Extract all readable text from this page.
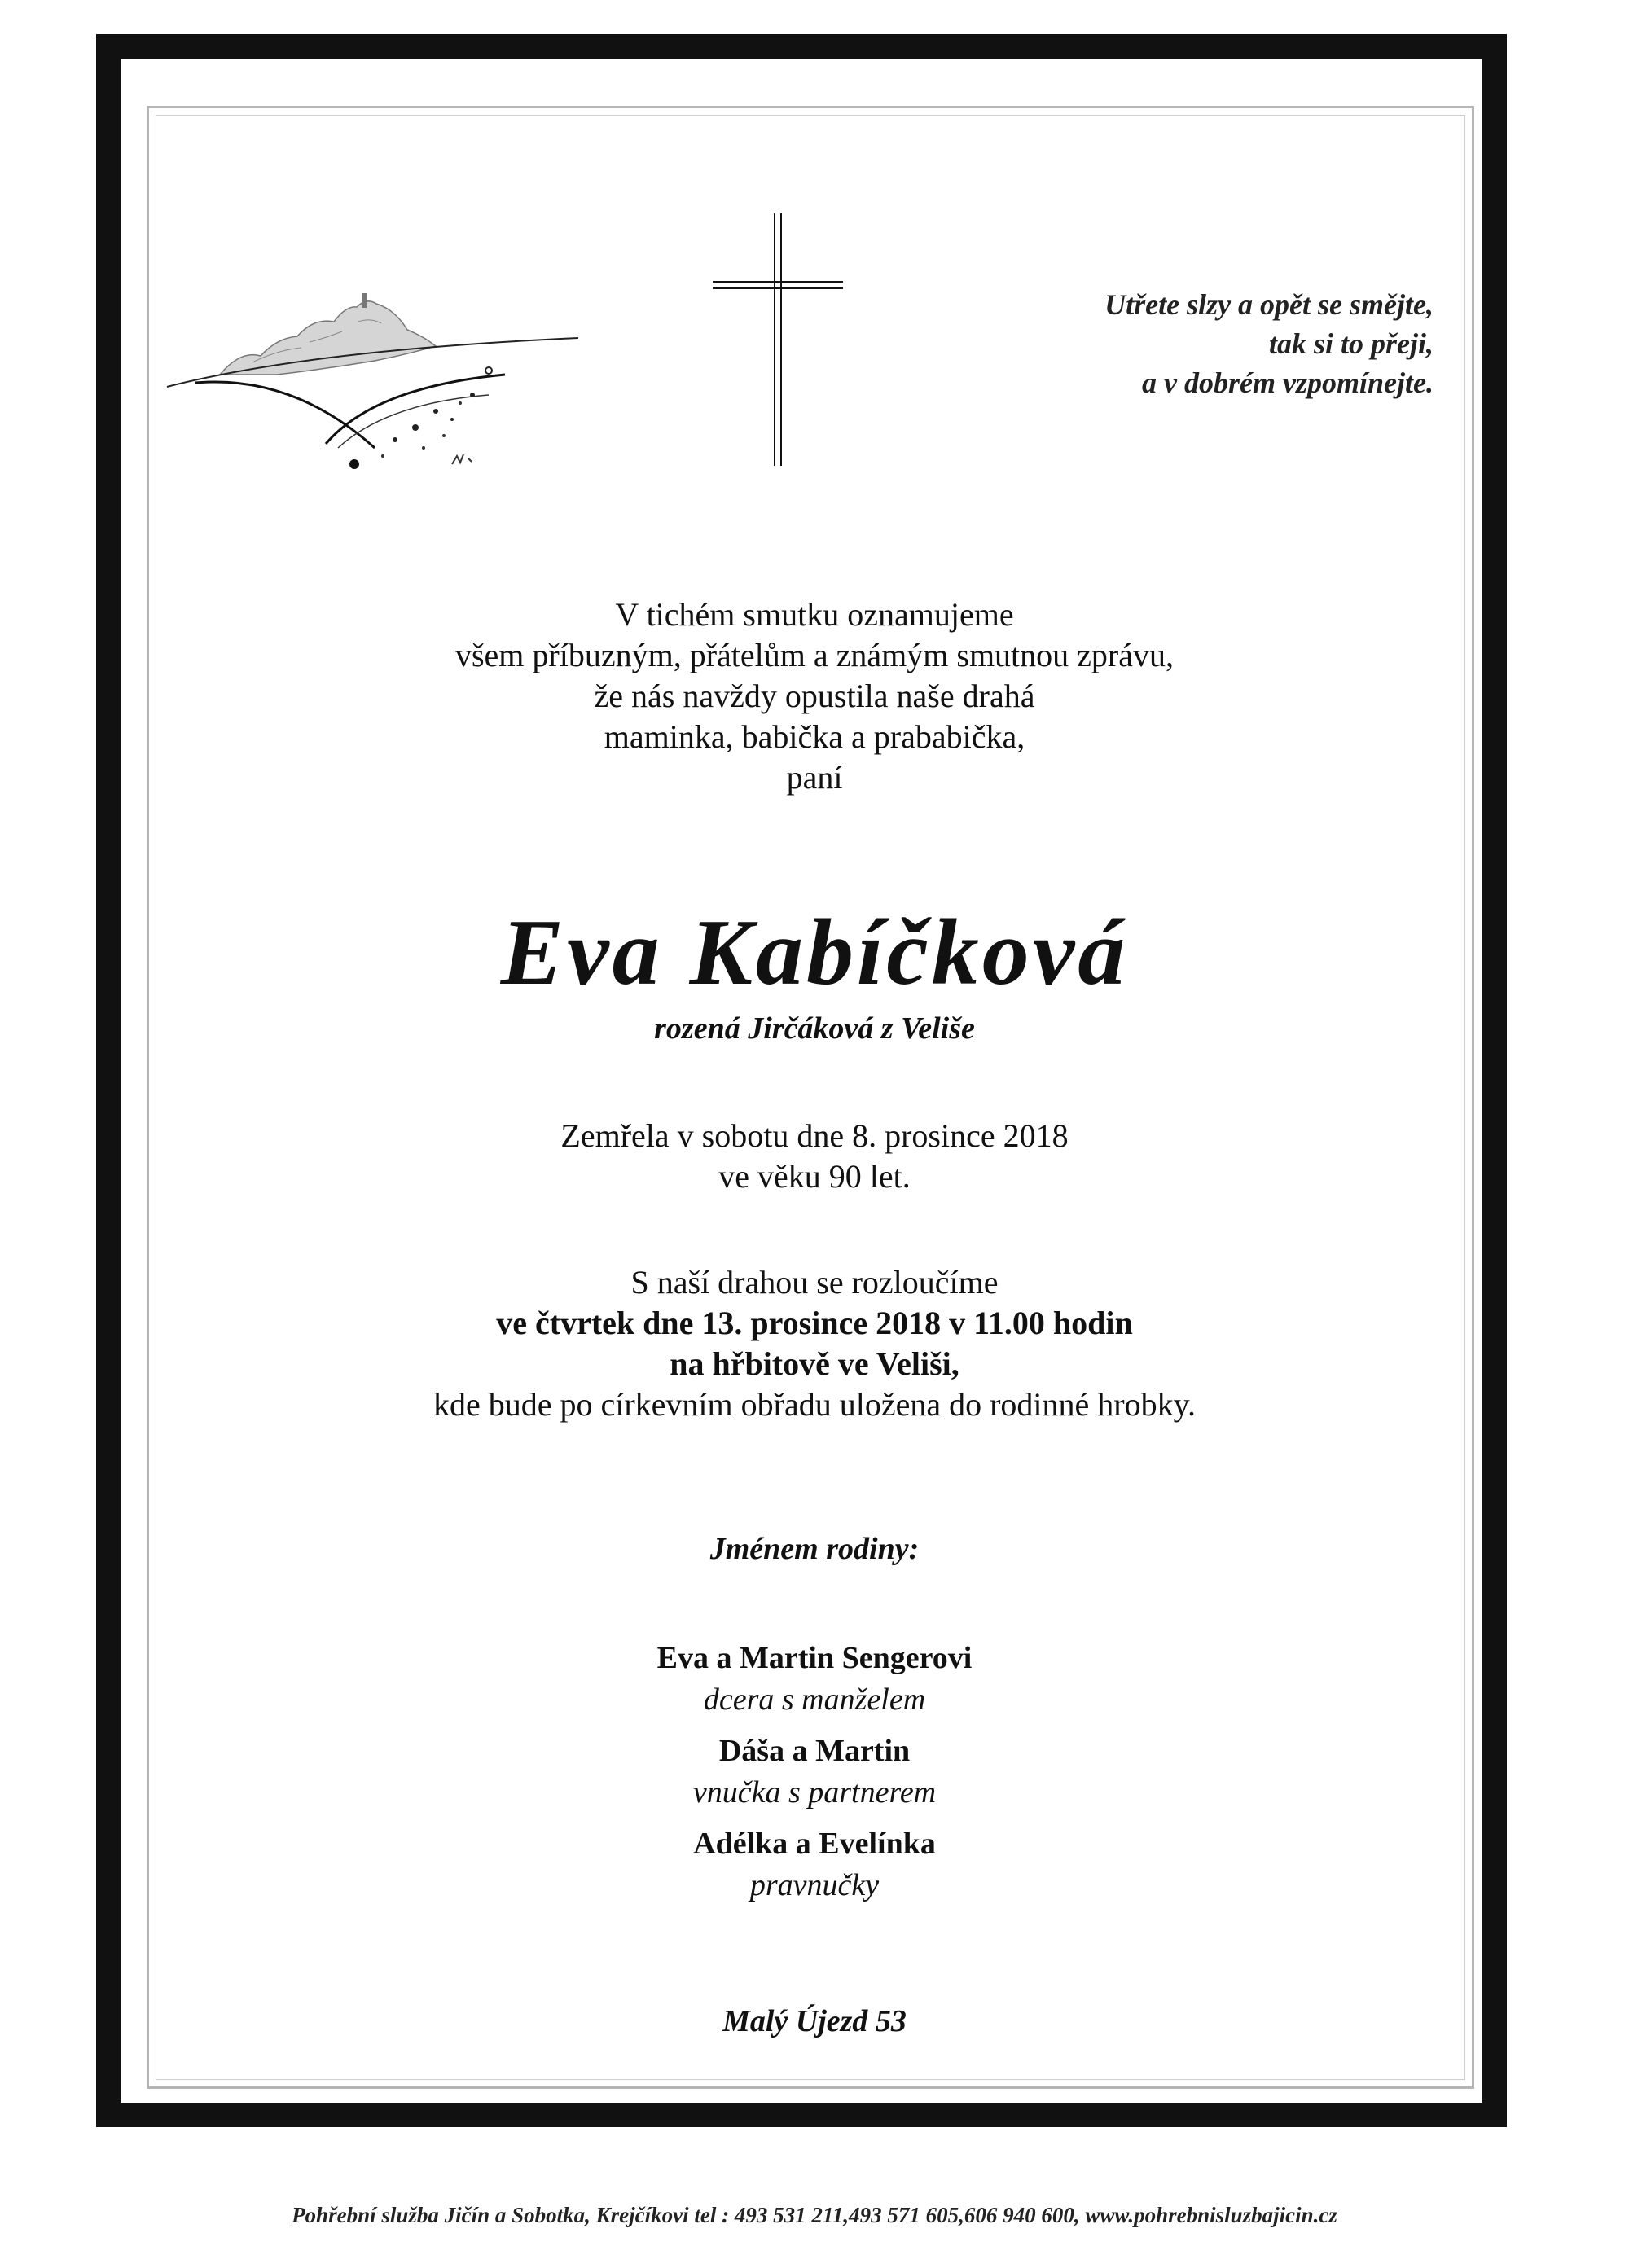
Utřete slzy a opět se smějte,
tak si to přeji,
a v dobrém vzpomínejte.
V tichém smutku oznamujeme
všem příbuzným, přátelům a známým smutnou zprávu,
že nás navždy opustila naše drahá
maminka, babička a prababička,
paní
Eva Kabíčková
rozená Jirčáková z Veliše
Zemřela v sobotu dne 8. prosince 2018
ve věku 90 let.
S naší drahou se rozloučíme
ve čtvrtek dne 13. prosince 2018 v 11.00 hodin
na hřbitově ve Veliši,
kde bude po církevním obřadu uložena do rodinné hrobky.
Jménem rodiny:
Eva a Martin Sengerovi
dcera s manželem
Dáša a Martin
vnučka s partnerem
Adélka a Evelínka
pravnučky
Malý Újezd 53
Pohřební služba Jičín a Sobotka, Krejčíkovi tel : 493 531 211,493 571 605,606 940 600, www.pohrebnisluzbajicin.cz
